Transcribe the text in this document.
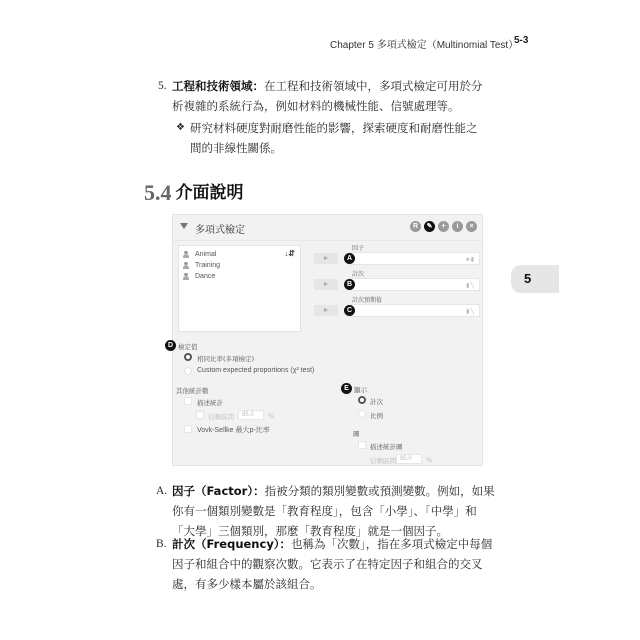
Chapter 5 多項式檢定（Multinomial Test）
5-3
5
5. 工程和技術領域：在工程和技術領域中，多項式檢定可用於分析複雜的系統行為，例如材料的機械性能、信號處理等。
❖ 研究材料硬度對耐磨性能的影響，探索硬度和耐磨性能之間的非線性關係。
5.4 介面說明
多項式檢定	R	✎	+	i	×
Animal
Training
Dance
↓⇵
因子
♣▮
A
計次
▮╲
B
計次預期值
▮╲
C
D 檢定值
相同比率(多項檢定)
Custom expected proportions (χ² test)
其他統計數
描述統計
信賴區間	95.0	%
Vovk-Sellke 最大p-比率
E 顯示
計次
比例
圖
描述統計圖
信賴區間 95.0	%
A. 因子（Factor）：指被分類的類別變數或預測變數。例如，如果你有一個類別變數是「教育程度」，包含「小學」、「中學」和「大學」三個類別，那麼「教育程度」就是一個因子。
B. 計次（Frequency）：也稱為「次數」，指在多項式檢定中每個因子和組合中的觀察次數。它表示了在特定因子和組合的交叉處，有多少樣本屬於該組合。
